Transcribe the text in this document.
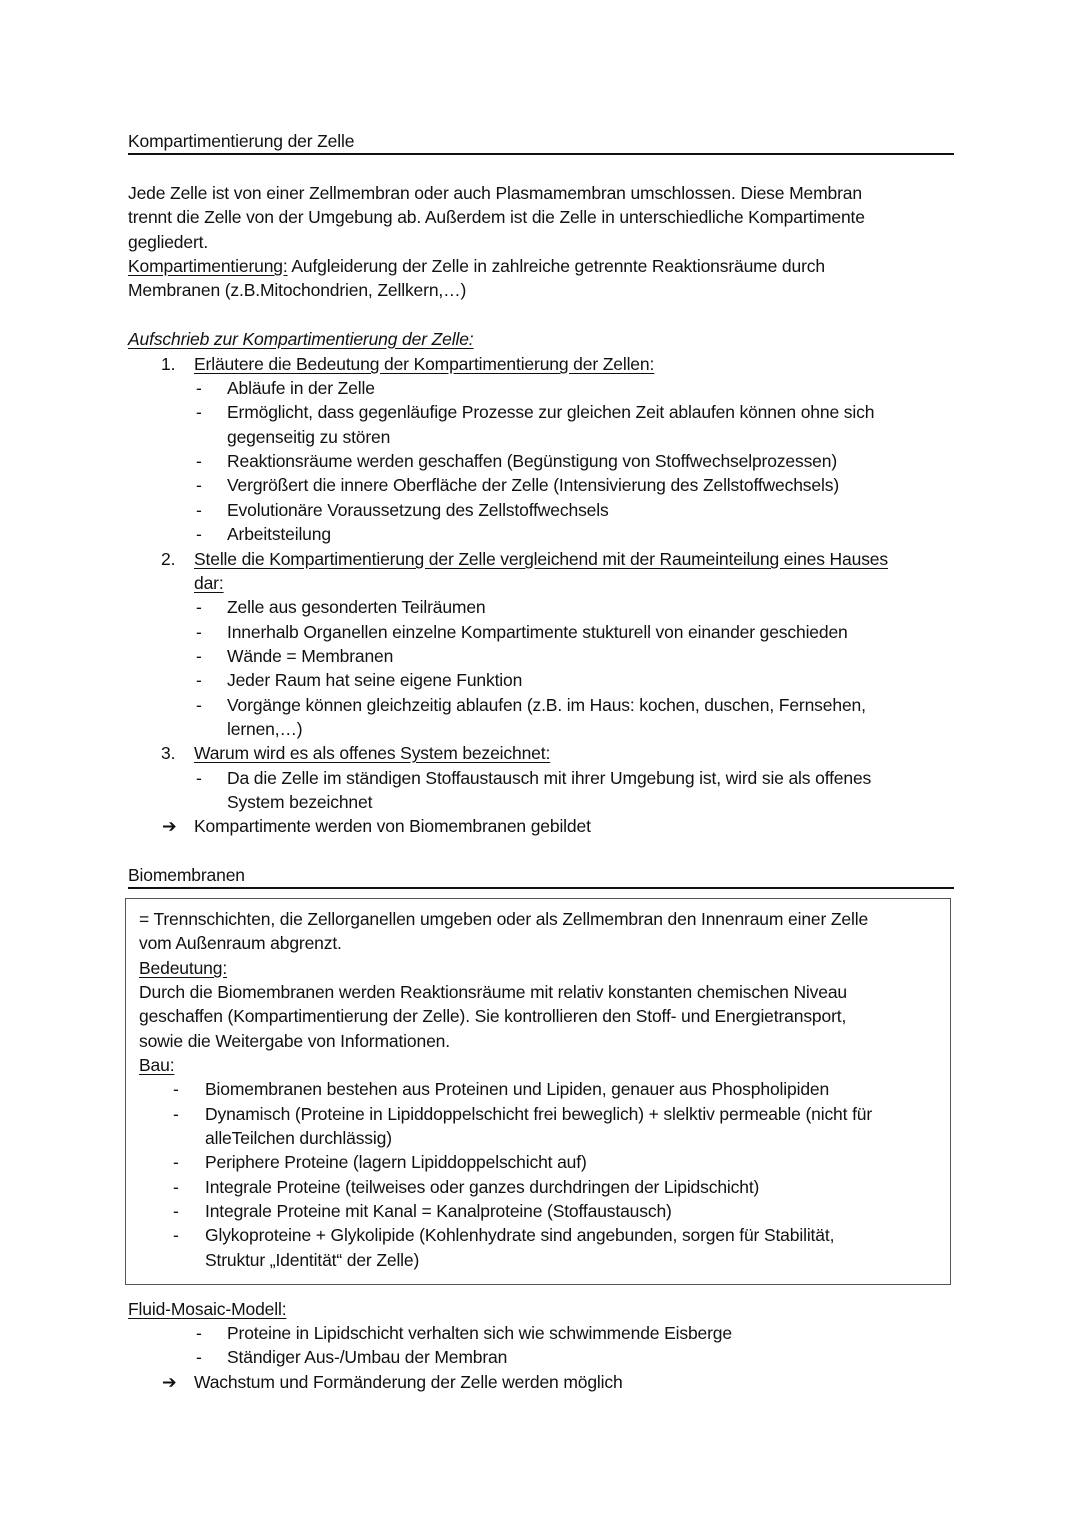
Kompartimentierung der Zelle
Jede Zelle ist von einer Zellmembran oder auch Plasmamembran umschlossen. Diese Membran
trennt die Zelle von der Umgebung ab. Außerdem ist die Zelle in unterschiedliche Kompartimente
gegliedert.
Kompartimentierung: Aufgleiderung der Zelle in zahlreiche getrennte Reaktionsräume durch
Membranen (z.B.Mitochondrien, Zellkern,…)
Aufschrieb zur Kompartimentierung der Zelle:
1. Erläutere die Bedeutung der Kompartimentierung der Zellen:
- Abläufe in der Zelle
- Ermöglicht, dass gegenläufige Prozesse zur gleichen Zeit ablaufen können ohne sich
gegenseitig zu stören
- Reaktionsräume werden geschaffen (Begünstigung von Stoffwechselprozessen)
- Vergrößert die innere Oberfläche der Zelle (Intensivierung des Zellstoffwechsels)
- Evolutionäre Voraussetzung des Zellstoffwechsels
- Arbeitsteilung
2. Stelle die Kompartimentierung der Zelle vergleichend mit der Raumeinteilung eines Hauses
dar:
- Zelle aus gesonderten Teilräumen
- Innerhalb Organellen einzelne Kompartimente stukturell von einander geschieden
- Wände = Membranen
- Jeder Raum hat seine eigene Funktion
- Vorgänge können gleichzeitig ablaufen (z.B. im Haus: kochen, duschen, Fernsehen,
lernen,…)
3. Warum wird es als offenes System bezeichnet:
- Da die Zelle im ständigen Stoffaustausch mit ihrer Umgebung ist, wird sie als offenes
System bezeichnet
➔ Kompartimente werden von Biomembranen gebildet
Biomembranen
= Trennschichten, die Zellorganellen umgeben oder als Zellmembran den Innenraum einer Zelle
vom Außenraum abgrenzt.
Bedeutung:
Durch die Biomembranen werden Reaktionsräume mit relativ konstanten chemischen Niveau
geschaffen (Kompartimentierung der Zelle). Sie kontrollieren den Stoff- und Energietransport,
sowie die Weitergabe von Informationen.
Bau:
- Biomembranen bestehen aus Proteinen und Lipiden, genauer aus Phospholipiden
- Dynamisch (Proteine in Lipiddoppelschicht frei beweglich) + slelktiv permeable (nicht für
alleTeilchen durchlässig)
- Periphere Proteine (lagern Lipiddoppelschicht auf)
- Integrale Proteine (teilweises oder ganzes durchdringen der Lipidschicht)
- Integrale Proteine mit Kanal = Kanalproteine (Stoffaustausch)
- Glykoproteine + Glykolipide (Kohlenhydrate sind angebunden, sorgen für Stabilität,
Struktur „Identität“ der Zelle)
Fluid-Mosaic-Modell:
- Proteine in Lipidschicht verhalten sich wie schwimmende Eisberge
- Ständiger Aus-/Umbau der Membran
➔ Wachstum und Formänderung der Zelle werden möglich
